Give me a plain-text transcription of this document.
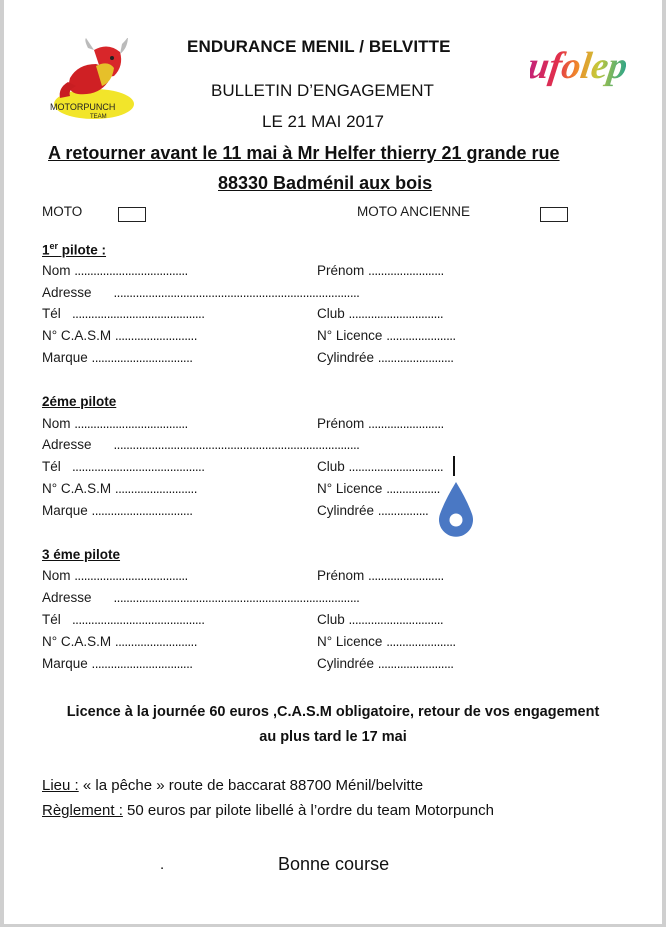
MOTORPUNCH
TEAM
ufolep
ENDURANCE MENIL / BELVITTE
BULLETIN D’ENGAGEMENT
LE 21 MAI 2017
A retourner avant le 11 mai à Mr Helfer thierry 21 grande rue
88330 Badménil aux bois
MOTO	MOTO ANCIENNE
1er pilote :
Nom ....................................	Prénom ........................
Adresse ..............................................................................
Tél ..........................................	Club ..............................
N° C.A.S.M ..........................	N° Licence ......................
Marque ................................	Cylindrée ........................
2éme pilote
Nom ....................................	Prénom ........................
Adresse ..............................................................................
Tél ..........................................	Club ..............................
N° C.A.S.M ..........................	N° Licence .................
Marque ................................	Cylindrée ................
3 éme pilote
Nom ....................................	Prénom ........................
Adresse ..............................................................................
Tél ..........................................	Club ..............................
N° C.A.S.M ..........................	N° Licence ......................
Marque ................................	Cylindrée ........................
Licence à la journée 60 euros ,C.A.S.M obligatoire, retour de vos engagement
au plus tard le 17 mai
Lieu : « la pêche » route de baccarat 88700 Ménil/belvitte
Règlement : 50 euros par pilote libellé à l’ordre du team Motorpunch
.	Bonne course
